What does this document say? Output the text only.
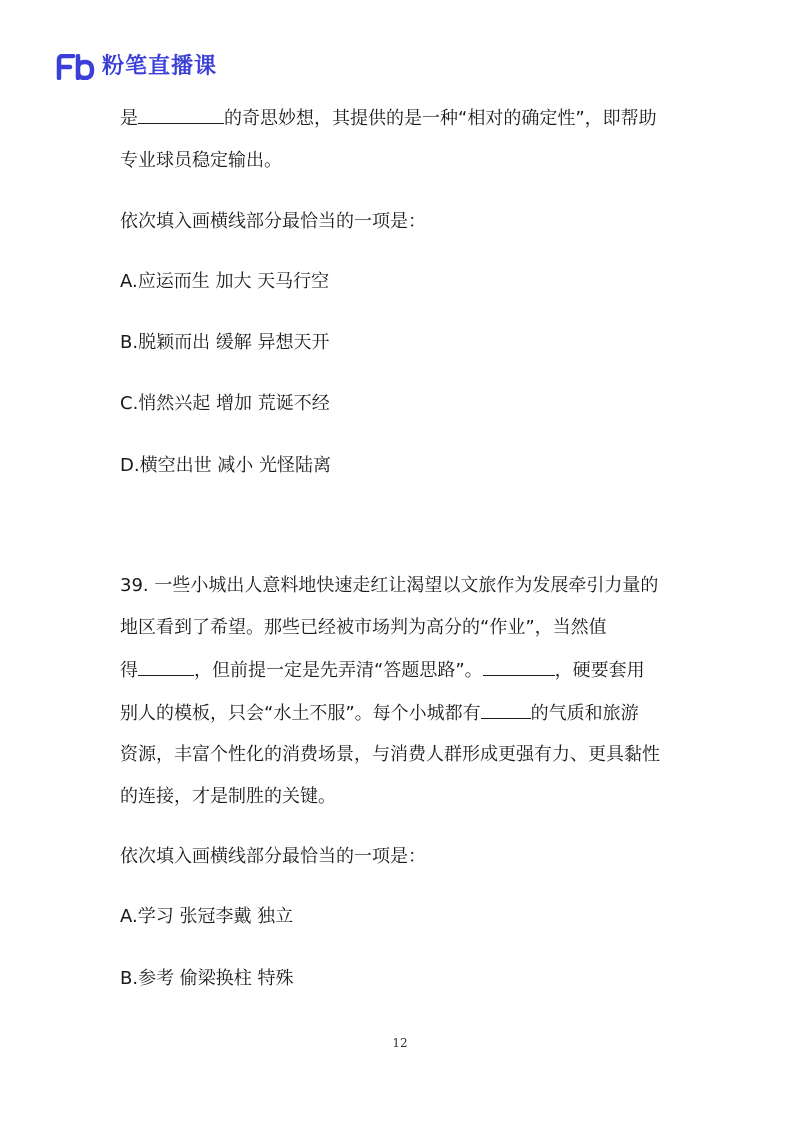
粉笔直播课
是	的奇思妙想，其提供的是一种“相对的确定性”，即帮助
专业球员稳定输出。
依次填入画横线部分最恰当的一项是：
A.应运而生 加大 天马行空
B.脱颖而出 缓解 异想天开
C.悄然兴起 增加 荒诞不经
D.横空出世 减小 光怪陆离
39. 一些小城出人意料地快速走红让渴望以文旅作为发展牵引力量的
地区看到了希望。那些已经被市场判为高分的“作业”，当然值
得	，但前提一定是先弄清“答题思路”。	，硬要套用
别人的模板，只会“水土不服”。每个小城都有	的气质和旅游
资源，丰富个性化的消费场景，与消费人群形成更强有力、更具黏性
的连接，才是制胜的关键。
依次填入画横线部分最恰当的一项是：
A.学习 张冠李戴 独立
B.参考 偷梁换柱 特殊
12
